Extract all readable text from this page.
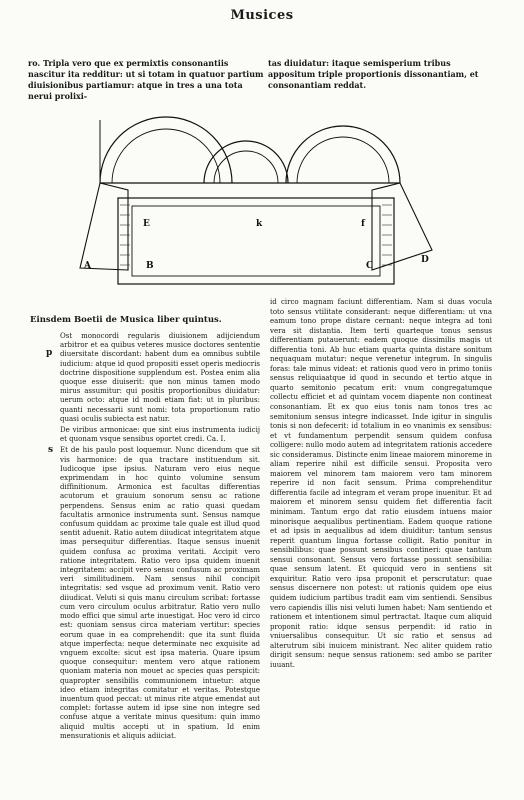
Musices
ro. Tripla vero que ex permixtis consonantiis nascitur ita redditur: ut si totam in quatuor partium diuisionibus partiamur: atque in tres a una tota nerui prolixi-
tas diuidatur: itaque semisperium tribus appositum triple proportionis dissonantiam, et consonantiam reddat.
E	k	f
A	B	C
D
Einsdem Boetii de Musica liber quintus.
p
s

Ost monocordi regularis diuisionem adijciendum arbitror et ea quibus veteres musice doctores sententie diuersitate discordant: habent dum ea omnibus subtile iudicium: atque id quod propositi esset operis mediocris doctrine dispositione supplendum est. Postea enim alia quoque esse diuiserit: que non minus tamen modo mirus assumitur: qui positis proportionibus diuidatur: uerum octo: atque id modi etiam fiat: ut in pluribus: quanti necessarii sunt nomi: tota proportionum ratio quasi oculis subiecta est natur.

De viribus armonicae: que sint eius instrumenta iudicij et quonam vsque sensibus oportet credi. Ca. I.

Et de his paulo post loquemur. Nunc dicendum que sit vis harmonice: de qua tractare instituendum sit. Iudicoque ipse ipsius. Naturam vero eius neque exprimendam in hoc quinto volumine sensum diffinitionum. Armonica est facultas differentias acutorum et grauium sonorum sensu ac ratione perpendens. Sensus enim ac ratio quasi quedam facultatis armonice instrumenta sunt. Sensus namque confusum quiddam ac proxime tale quale est illud quod sentit aduenit. Ratio autem diiudicat integritatem atque imas persequitur differentias. Itaque sensus inuenit quidem confusa ac proxima veritati. Accipit vero ratione integritatem. Ratio vero ipsa quidem inuenit integritatem: accipit vero sensu confusum ac proximam veri similitudinem. Nam sensus nihil concipit integritatis: sed vsque ad proximum venit. Ratio vero diiudicat. Veluti si quis manu circulum scribat: fortasse cum vero circulum oculus arbitratur. Ratio vero nullo modo effici que simul arte inuestigat. Hoc vero id circo est: quoniam sensus circa materiam vertitur: species eorum quae in ea comprehendit: que ita sunt fluida atque imperfecta: neque determinate nec exquisite ad vnguem excolte: sicut est ipsa materia. Quare ipsum quoque consequitur: mentem vero atque rationem quoniam materia non mouet ac species quas perspicit: quapropter sensibilis communionem intuetur: atque ideo etiam integritas comitatur et veritas. Potestque inuentum quod peccat: ut minus rite atque emendat aut complet: fortasse autem id ipse sine non integre sed confuse atque a veritate minus quesitum: quin immo aliquid multis accepti ut in spatium. Id enim mensurationis et aliquis adiiciat.

id circo magnam faciunt differentiam. Nam si duas vocula toto sensus vtilitate considerant: neque differentiam: ut vna eamum tono prope distare cernant: neque integra ad toni vera sit distantia. Item terti quarteque tonus sensus differentiam putauerunt: eadem quoque dissimilis magis ut differentia toni. Ab huc etiam quarta quinta distare sonitum nequaquam mutatur: neque verenetur integrum. In singulis foras: tale minus videat: et rationis quod vero in primo toniis sensus reliquiaatque id quod in secundo et tertio atque in quarto semitonio pecatum erit: vnum congregatumque collectu efficiet et ad quintam vocem diapente non contineat consonantiam. Et ex quo eius tonis nam tonos tres ac semitonium sensus integre indicasset. Inde igitur in singulis tonis si non defecerit: id totalium in eo vnanimis ex sensibus: et vt fundamentum perpendit sensum quidem confusa colligere: nullo modo autem ad integritatem rationis accedere sic consideramus. Distincte enim lineae maiorem minoreme in aliam reperire nihil est difficile sensui. Proposita vero maiorem vel minorem tam maiorem vero tam minorem reperire id non facit sensum. Prima comprehenditur differentia facile ad integram et veram prope inuenitur. Et ad maiorem et minorem sensu quidem fiet differentia facit minimam. Tantum ergo dat ratio eiusdem intuens maior minorisque aequalibus pertinentiam. Eadem quoque ratione et ad ipsis in aequalibus ad idem diuiditur: tantum sensus reperit quantum lingua fortasse colligit. Ratio ponitur in sensibilibus: quae possunt sensibus contineri: quae tantum sensui consonant. Sensus vero fortasse possunt sensibilia: quae sensum latent. Et quicquid vero in sentiens sit exquiritur. Ratio vero ipsa proponit et perscrutatur: quae sensus discernere non potest: ut rationis quidem ope eius quidem iudicium partibus tradit eam vim sentiendi. Sensibus vero capiendis illis nisi veluti lumen habet: Nam sentiendo et rationem et intentionem simul pertractat. Itaque cum aliquid proponit ratio: idque sensus perpendit: id ratio in vniuersalibus consequitur. Ut sic ratio et sensus ad alterutrum sibi inuicem ministrant. Nec aliter quidem ratio dirigit sensum: neque sensus rationem: sed ambo se pariter iuuant.
